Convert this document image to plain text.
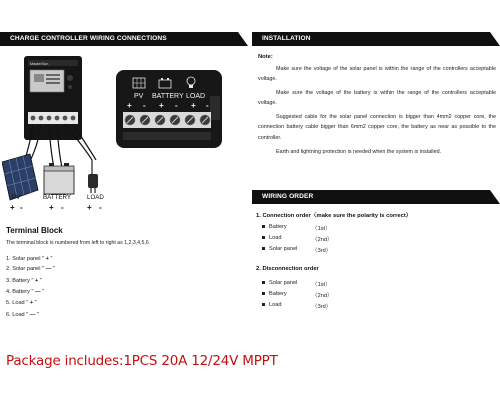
CHARGE CONTROLLER WIRING CONNECTIONS	INSTALLATION
WIRING ORDER
MasterSun
PV	BATTERY	LOAD
+ -	+ -	+ -
PV BATTERY LOAD
+ - + - + -
Terminal Block
The terminal block is numbered from left to right as 1,2,3,4,5,6
1. Solar panel " + "
2. Solar panel " — "
3. Battery " + "
4. Battery " — "
5. Load " + "
6. Load " — "
Package includes:1PCS 20A 12/24V MPPT
Note:

Make sure the voltage of the solar panel is within the range of the controllers acceptable voltage.

Make sure the voltage of the battery is within the range of the controllers acceptable voltage.

Suggested cable for the solar panel connection is bigger than 4mm2 copper core, the connection battery cable bigger than 6mm2 copper core, the battery as near as possible to the controller.

Earth and lightning protection is needed when the system is installed.

1. Connection order（make sure the polarity is correct）
Battery	（1st）
Load	（2nd）
Solar panel	（3rd）
2. Disconnection order
Solar panel	（1st）
Battery	（2nd）
Load	（3rd）
